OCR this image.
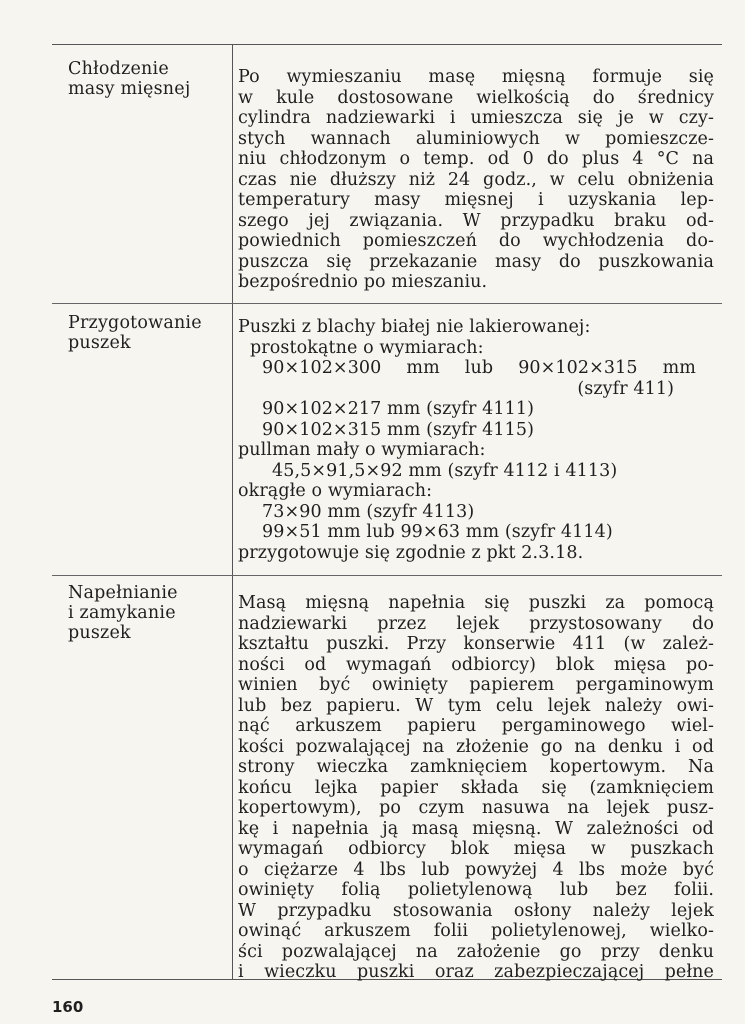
Chłodzenie
masy mięsnej
Po wymieszaniu masę mięsną formuje się
w kule dostosowane wielkością do średnicy
cylindra nadziewarki i umieszcza się je w czy-
stych wannach aluminiowych w pomieszcze-
niu chłodzonym o temp. od 0 do plus 4 °C na
czas nie dłuższy niż 24 godz., w celu obniżenia
temperatury masy mięsnej i uzyskania lep-
szego jej związania. W przypadku braku od-
powiednich pomieszczeń do wychłodzenia do-
puszcza się przekazanie masy do puszkowania
bezpośrednio po mieszaniu.
Przygotowanie
puszek
Puszki z blachy białej nie lakierowanej:
prostokątne o wymiarach:
90×102×300 mm lub 90×102×315 mm
(szyfr 411)
90×102×217 mm (szyfr 4111)
90×102×315 mm (szyfr 4115)
pullman mały o wymiarach:
45,5×91,5×92 mm (szyfr 4112 i 4113)
okrągłe o wymiarach:
73×90 mm (szyfr 4113)
99×51 mm lub 99×63 mm (szyfr 4114)
przygotowuje się zgodnie z pkt 2.3.18.
Napełnianie
i zamykanie
puszek
Masą mięsną napełnia się puszki za pomocą
nadziewarki przez lejek przystosowany do
kształtu puszki. Przy konserwie 411 (w zależ-
ności od wymagań odbiorcy) blok mięsa po-
winien być owinięty papierem pergaminowym
lub bez papieru. W tym celu lejek należy owi-
nąć arkuszem papieru pergaminowego wiel-
kości pozwalającej na złożenie go na denku i od
strony wieczka zamknięciem kopertowym. Na
końcu lejka papier składa się (zamknięciem
kopertowym), po czym nasuwa na lejek pusz-
kę i napełnia ją masą mięsną. W zależności od
wymagań odbiorcy blok mięsa w puszkach
o ciężarze 4 lbs lub powyżej 4 lbs może być
owinięty folią polietylenową lub bez folii.
W przypadku stosowania osłony należy lejek
owinąć arkuszem folii polietylenowej, wielko-
ści pozwalającej na założenie go przy denku
i wieczku puszki oraz zabezpieczającej pełne
160
